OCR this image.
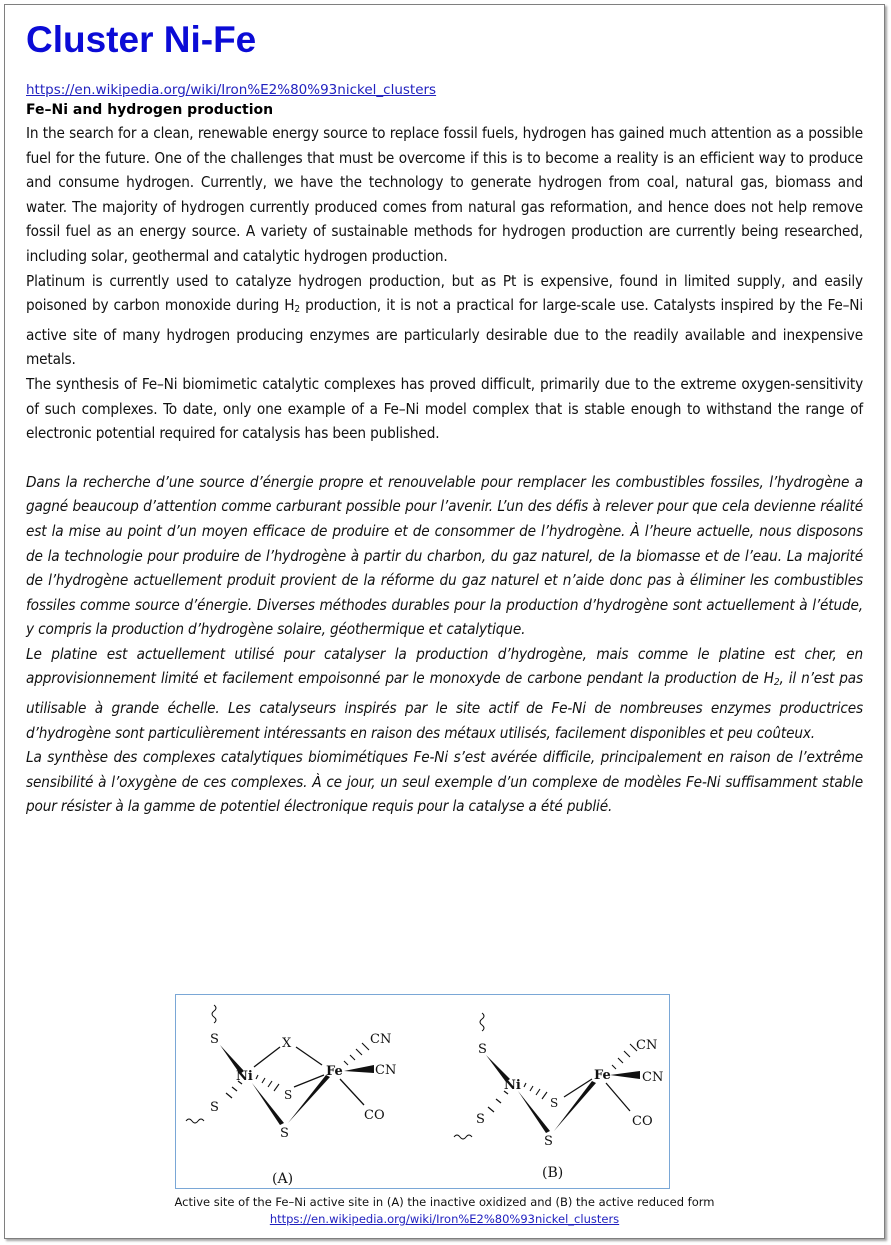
Cluster Ni-Fe
https://en.wikipedia.org/wiki/Iron%E2%80%93nickel_clusters
Fe–Ni and hydrogen production

In the search for a clean, renewable energy source to replace fossil fuels, hydrogen has gained much attention as a possible fuel for the future. One of the challenges that must be overcome if this is to become a reality is an efficient way to produce and consume hydrogen. Currently, we have the technology to generate hydrogen from coal, natural gas, biomass and water. The majority of hydrogen currently produced comes from natural gas reformation, and hence does not help remove fossil fuel as an energy source. A variety of sustainable methods for hydrogen production are currently being researched, including solar, geothermal and catalytic hydrogen production.

Platinum is currently used to catalyze hydrogen production, but as Pt is expensive, found in limited supply, and easily poisoned by carbon monoxide during $H_2$ production, it is not a practical for large-scale use. Catalysts inspired by the Fe–Ni active site of many hydrogen producing enzymes are particularly desirable due to the readily available and inexpensive metals.

The synthesis of Fe–Ni biomimetic catalytic complexes has proved difficult, primarily due to the extreme oxygen-sensitivity of such complexes. To date, only one example of a Fe–Ni model complex that is stable enough to withstand the range of electronic potential required for catalysis has been published.

Dans la recherche d’une source d’énergie propre et renouvelable pour remplacer les combustibles fossiles, l’hydrogène a gagné beaucoup d’attention comme carburant possible pour l’avenir. L’un des défis à relever pour que cela devienne réalité est la mise au point d’un moyen efficace de produire et de consommer de l’hydrogène. À l’heure actuelle, nous disposons de la technologie pour produire de l’hydrogène à partir du charbon, du gaz naturel, de la biomasse et de l’eau. La majorité de l’hydrogène actuellement produit provient de la réforme du gaz naturel et n’aide donc pas à éliminer les combustibles fossiles comme source d’énergie. Diverses méthodes durables pour la production d’hydrogène sont actuellement à l’étude, y compris la production d’hydrogène solaire, géothermique et catalytique.

Le platine est actuellement utilisé pour catalyser la production d’hydrogène, mais comme le platine est cher, en approvisionnement limité et facilement empoisonné par le monoxyde de carbone pendant la production de $H_2$, il n’est pas utilisable à grande échelle. Les catalyseurs inspirés par le site actif de Fe-Ni de nombreuses enzymes productrices d’hydrogène sont particulièrement intéressants en raison des métaux utilisés, facilement disponibles et peu coûteux.

La synthèse des complexes catalytiques biomimétiques Fe-Ni s’est avérée difficile, principalement en raison de l’extrême sensibilité à l’oxygène de ces complexes. À ce jour, un seul exemple d’un complexe de modèles Fe-Ni suffisamment stable pour résister à la gamme de potentiel électronique requis pour la catalyse a été publié.

S	X
Ni	Fe
S
S
S
CN
CN
CO
(A)
S
Ni
Fe
S
S
S
CN
CN
CO
(B)
Active site of the Fe–Ni active site in (A) the inactive oxidized and (B) the active reduced form
https://en.wikipedia.org/wiki/Iron%E2%80%93nickel_clusters
